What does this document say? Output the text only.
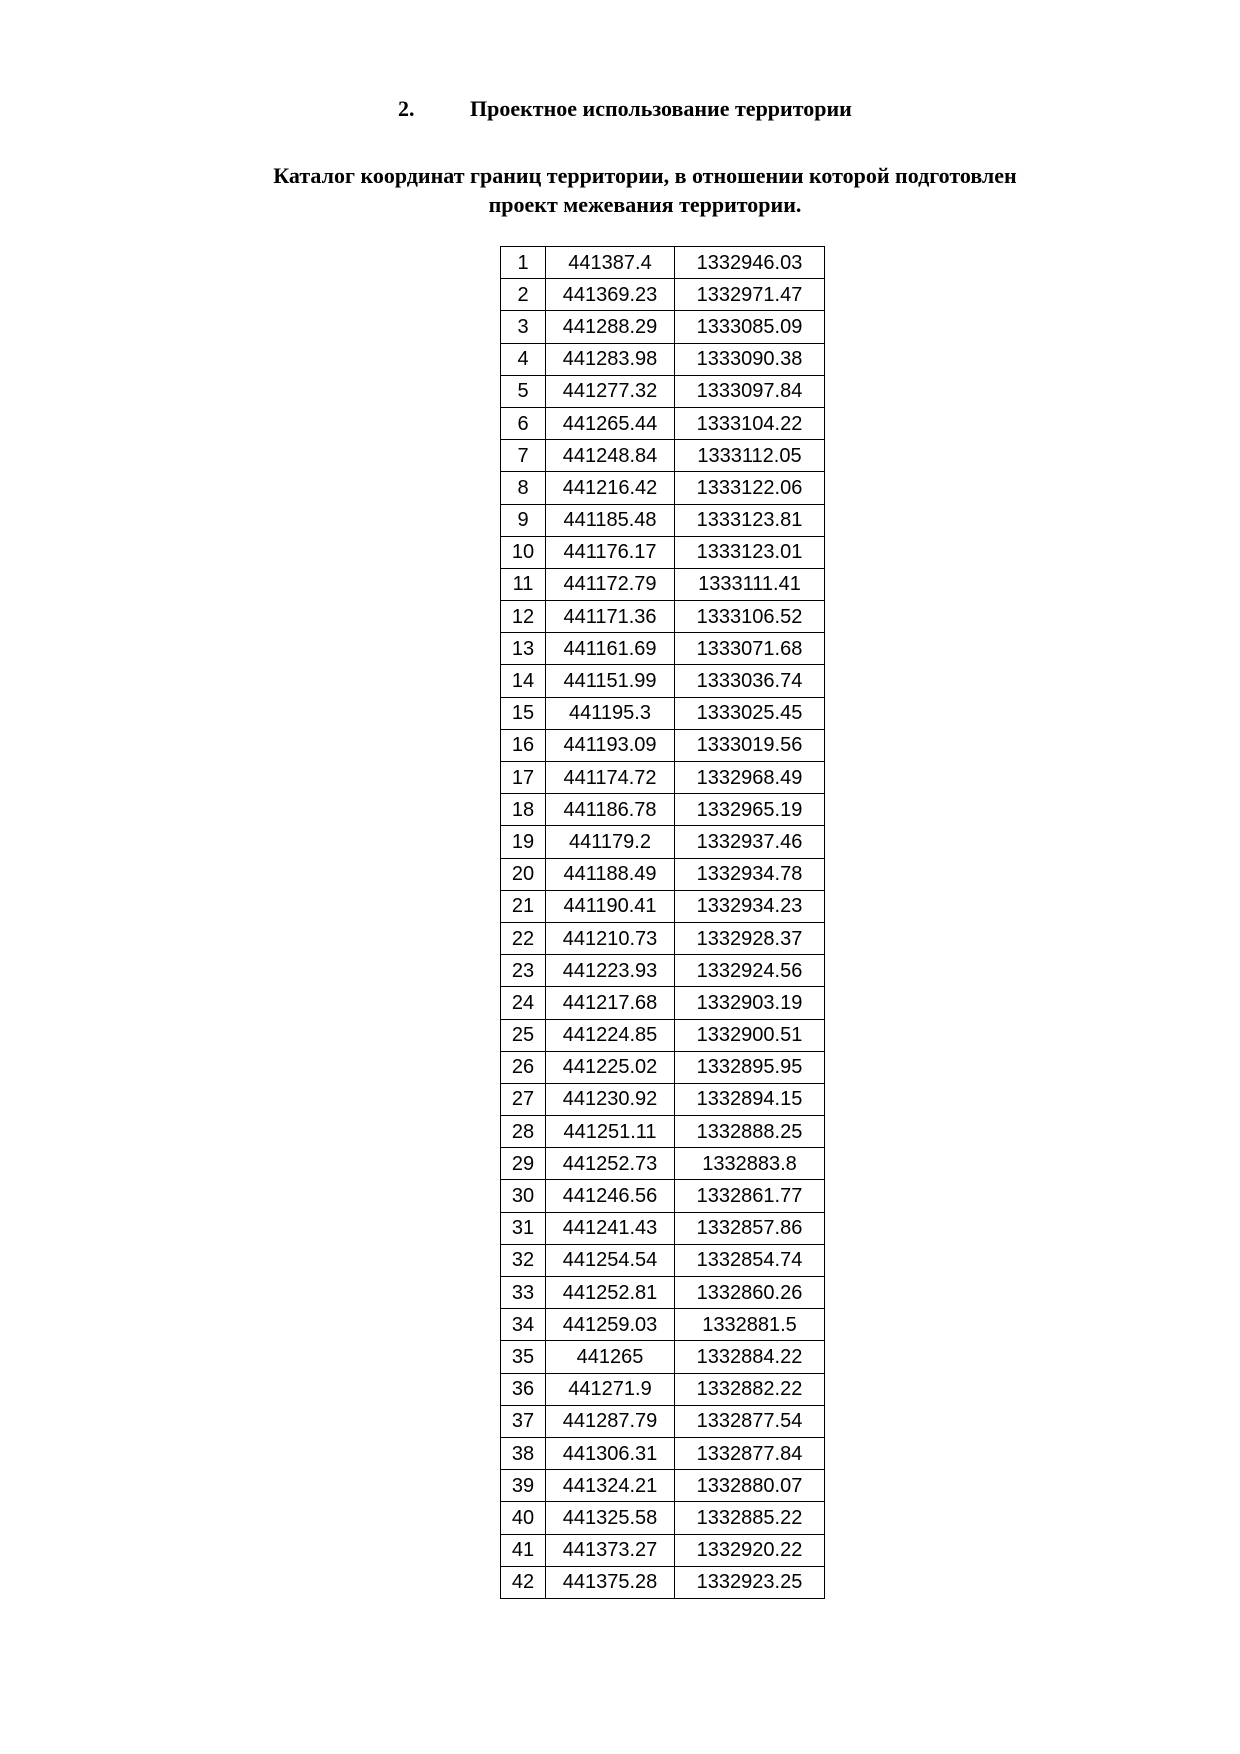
2.	Проектное использование территории
Каталог координат границ территории, в отношении которой подготовлен
проект межевания территории.
1	441387.4	1332946.03
2	441369.23	1332971.47
3	441288.29	1333085.09
4	441283.98	1333090.38
5	441277.32	1333097.84
6	441265.44	1333104.22
7	441248.84	1333112.05
8	441216.42	1333122.06
9	441185.48	1333123.81
10	441176.17	1333123.01
11	441172.79	1333111.41
12	441171.36	1333106.52
13	441161.69	1333071.68
14	441151.99	1333036.74
15	441195.3	1333025.45
16	441193.09	1333019.56
17	441174.72	1332968.49
18	441186.78	1332965.19
19	441179.2	1332937.46
20	441188.49	1332934.78
21	441190.41	1332934.23
22	441210.73	1332928.37
23	441223.93	1332924.56
24	441217.68	1332903.19
25	441224.85	1332900.51
26	441225.02	1332895.95
27	441230.92	1332894.15
28	441251.11	1332888.25
29	441252.73	1332883.8
30	441246.56	1332861.77
31	441241.43	1332857.86
32	441254.54	1332854.74
33	441252.81	1332860.26
34	441259.03	1332881.5
35	441265	1332884.22
36	441271.9	1332882.22
37	441287.79	1332877.54
38	441306.31	1332877.84
39	441324.21	1332880.07
40	441325.58	1332885.22
41	441373.27	1332920.22
42	441375.28	1332923.25
